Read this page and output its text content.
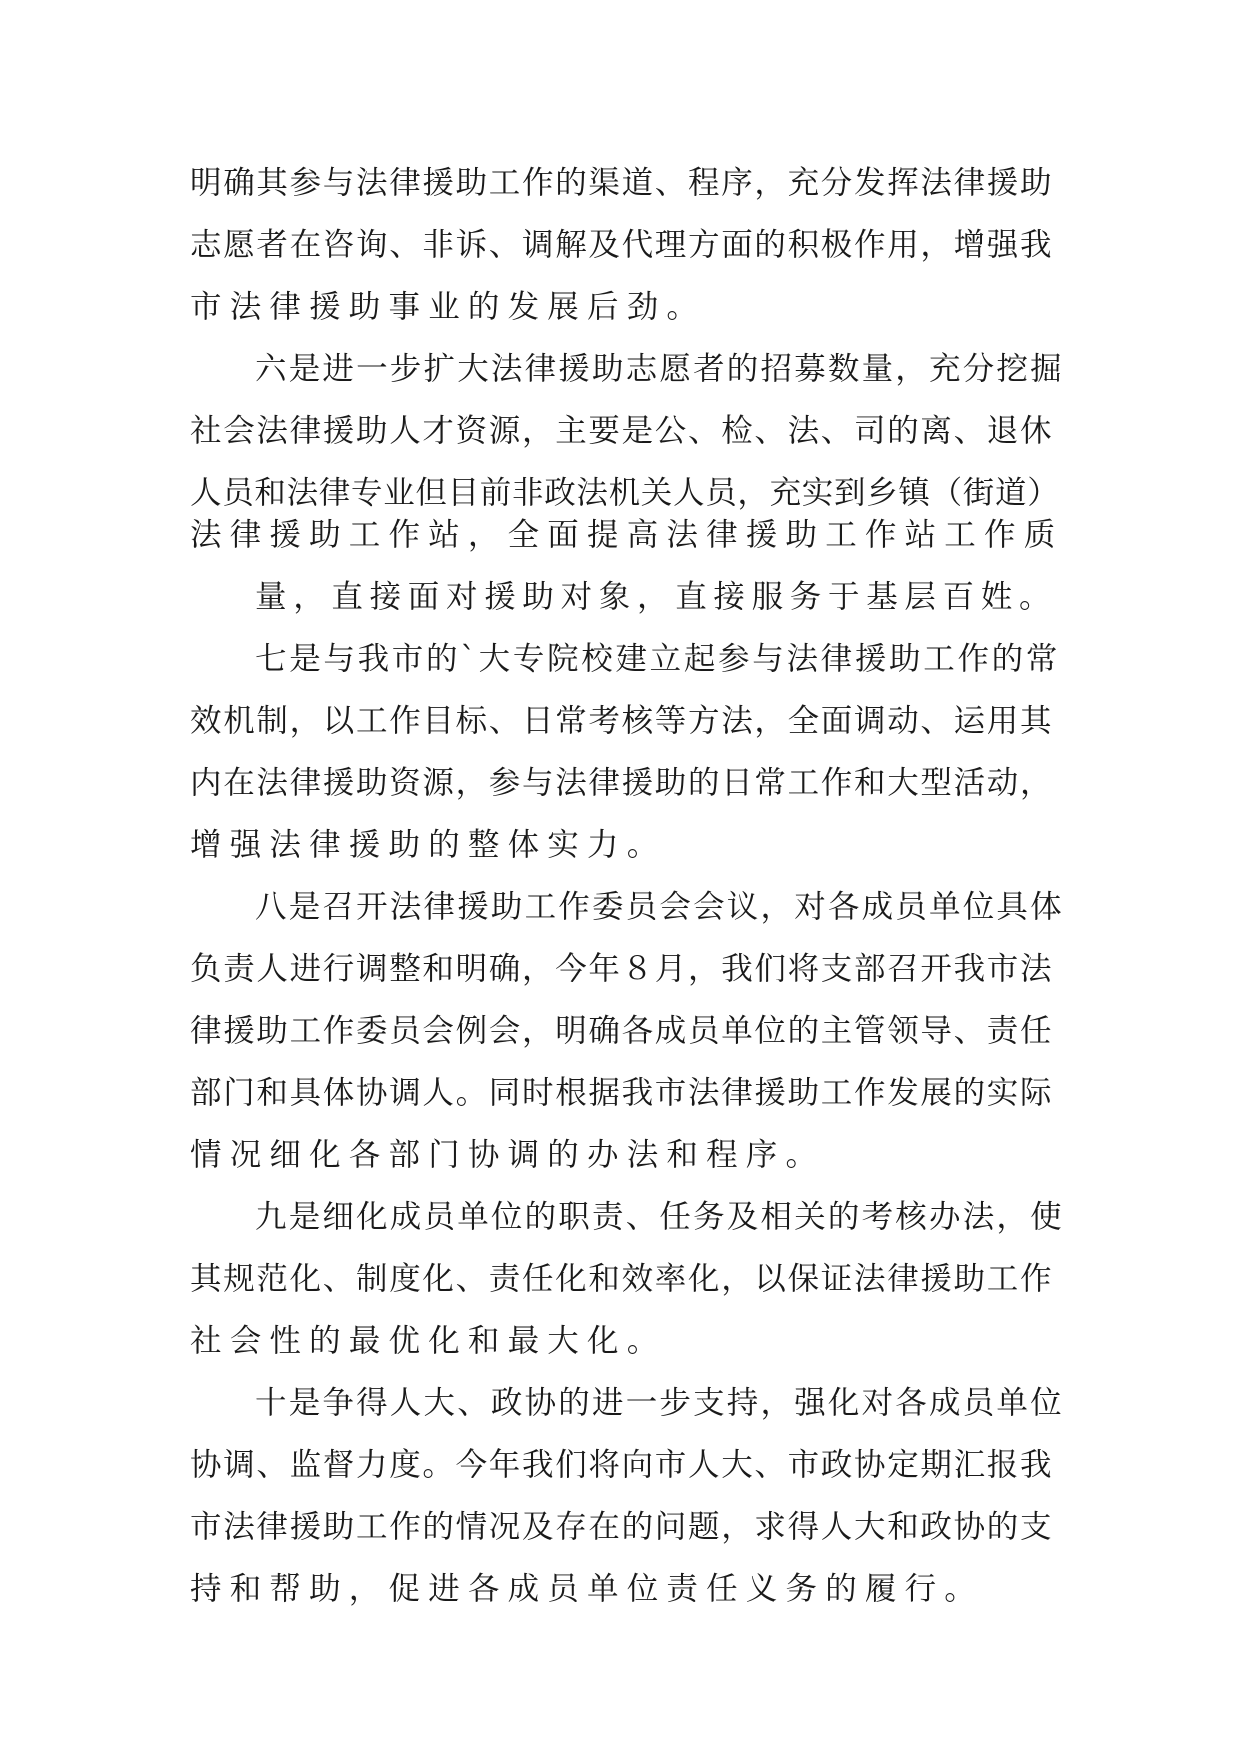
明确其参与法律援助工作的渠道、程序，充分发挥法律援助
志愿者在咨询、非诉、调解及代理方面的积极作用，增强我
市法律援助事业的发展后劲。
六是进一步扩大法律援助志愿者的招募数量，充分挖掘
社会法律援助人才资源，主要是公、检、法、司的离、退休
人员和法律专业但目前非政法机关人员，充实到乡镇（街道）
法律援助工作站，全面提高法律援助工作站工作质
量，直接面对援助对象，直接服务于基层百姓。
七是与我市的`大专院校建立起参与法律援助工作的常
效机制，以工作目标、日常考核等方法，全面调动、运用其
内在法律援助资源，参与法律援助的日常工作和大型活动，
增强法律援助的整体实力。
八是召开法律援助工作委员会会议，对各成员单位具体
负责人进行调整和明确，今年８月，我们将支部召开我市法
律援助工作委员会例会，明确各成员单位的主管领导、责任
部门和具体协调人。同时根据我市法律援助工作发展的实际
情况细化各部门协调的办法和程序。
九是细化成员单位的职责、任务及相关的考核办法，使
其规范化、制度化、责任化和效率化，以保证法律援助工作
社会性的最优化和最大化。
十是争得人大、政协的进一步支持，强化对各成员单位
协调、监督力度。今年我们将向市人大、市政协定期汇报我
市法律援助工作的情况及存在的问题，求得人大和政协的支
持和帮助，促进各成员单位责任义务的履行。
